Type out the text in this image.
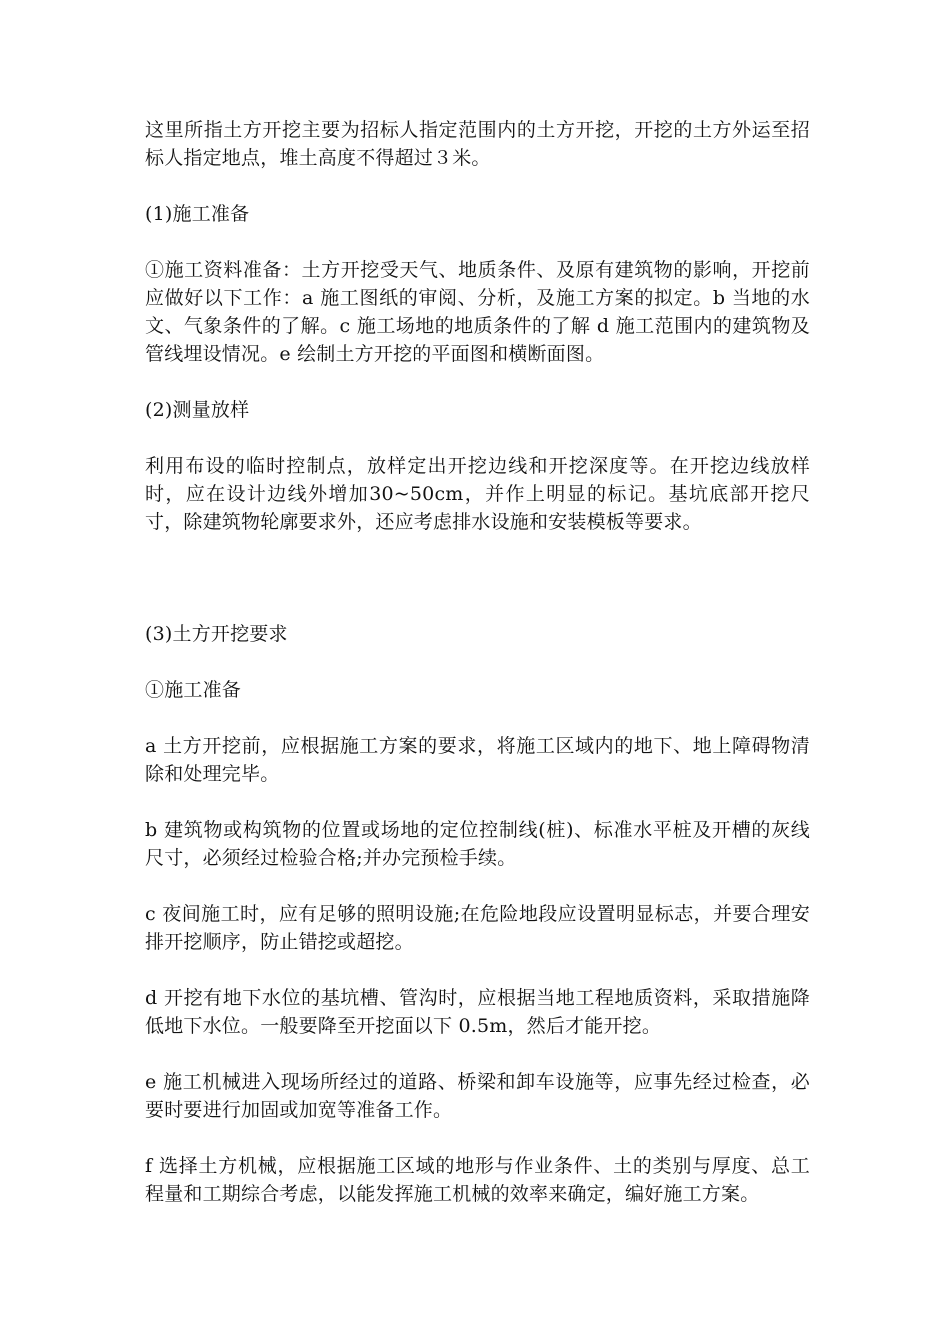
这里所指土方开挖主要为招标人指定范围内的土方开挖，开挖的土方外运至招标人指定地点，堆土高度不得超过３米。

(1)施工准备

①施工资料准备：土方开挖受天气、地质条件、及原有建筑物的影响，开挖前应做好以下工作：a 施工图纸的审阅、分析，及施工方案的拟定。b 当地的水文、气象条件的了解。c 施工场地的地质条件的了解 d 施工范围内的建筑物及管线埋设情况。e 绘制土方开挖的平面图和横断面图。

(2)测量放样

利用布设的临时控制点，放样定出开挖边线和开挖深度等。在开挖边线放样时，应在设计边线外增加30~50cm，并作上明显的标记。基坑底部开挖尺寸，除建筑物轮廓要求外，还应考虑排水设施和安装模板等要求。

(3)土方开挖要求

①施工准备

a 土方开挖前，应根据施工方案的要求，将施工区域内的地下、地上障碍物清除和处理完毕。

b 建筑物或构筑物的位置或场地的定位控制线(桩)、标准水平桩及开槽的灰线尺寸，必须经过检验合格;并办完预检手续。

c 夜间施工时，应有足够的照明设施;在危险地段应设置明显标志，并要合理安排开挖顺序，防止错挖或超挖。

d 开挖有地下水位的基坑槽、管沟时，应根据当地工程地质资料，采取措施降低地下水位。一般要降至开挖面以下 0.5m，然后才能开挖。

e 施工机械进入现场所经过的道路、桥梁和卸车设施等，应事先经过检查，必要时要进行加固或加宽等准备工作。

f 选择土方机械，应根据施工区域的地形与作业条件、土的类别与厚度、总工程量和工期综合考虑，以能发挥施工机械的效率来确定，编好施工方案。
